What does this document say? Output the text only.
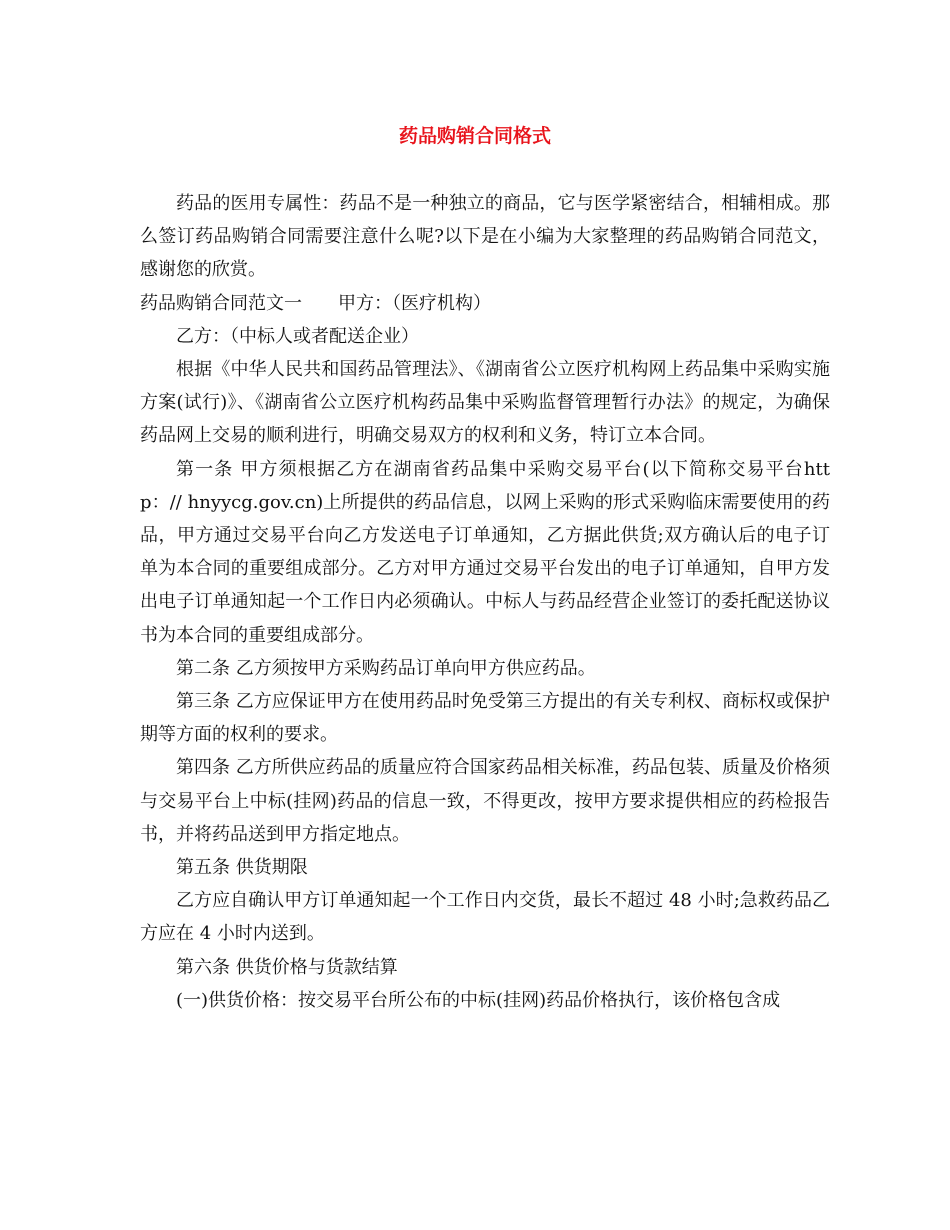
药品购销合同格式

药品的医用专属性：药品不是一种独立的商品，它与医学紧密结合，相辅相成。那么签订药品购销合同需要注意什么呢?以下是在小编为大家整理的药品购销合同范文，感谢您的欣赏。

药品购销合同范文一 甲方：（医疗机构）

乙方：（中标人或者配送企业）

根据《中华人民共和国药品管理法》、《湖南省公立医疗机构网上药品集中采购实施方案(试行)》、《湖南省公立医疗机构药品集中采购监督管理暂行办法》的规定，为确保药品网上交易的顺利进行，明确交易双方的权利和义务，特订立本合同。

第一条 甲方须根据乙方在湖南省药品集中采购交易平台(以下简称交易平台http：// hnyycg.gov.cn)上所提供的药品信息，以网上采购的形式采购临床需要使用的药品，甲方通过交易平台向乙方发送电子订单通知，乙方据此供货;双方确认后的电子订单为本合同的重要组成部分。乙方对甲方通过交易平台发出的电子订单通知，自甲方发出电子订单通知起一个工作日内必须确认。中标人与药品经营企业签订的委托配送协议书为本合同的重要组成部分。

第二条 乙方须按甲方采购药品订单向甲方供应药品。

第三条 乙方应保证甲方在使用药品时免受第三方提出的有关专利权、商标权或保护期等方面的权利的要求。

第四条 乙方所供应药品的质量应符合国家药品相关标准，药品包装、质量及价格须与交易平台上中标(挂网)药品的信息一致，不得更改，按甲方要求提供相应的药检报告书，并将药品送到甲方指定地点。

第五条 供货期限

乙方应自确认甲方订单通知起一个工作日内交货，最长不超过 48 小时;急救药品乙方应在 4 小时内送到。

第六条 供货价格与货款结算

(一)供货价格：按交易平台所公布的中标(挂网)药品价格执行，该价格包含成
